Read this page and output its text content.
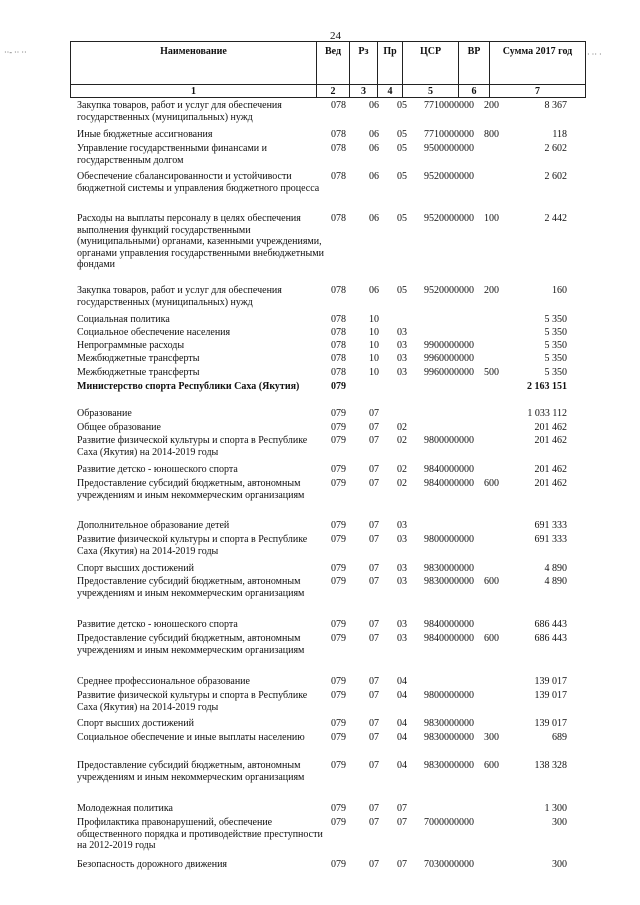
24
··- ·· ··	· ·· ·
Наименование	Вед	Рз	Пр	ЦСР	ВР	Сумма 2017 год
1	2	3	4	5	6	7
Закупка товаров, работ и услуг для обеспечения государственных (муниципальных) нужд
078 06 05 7710000000 200	8 367
Иные бюджетные ассигнования	078 06 05 7710000000 800	118
Управление государственными финансами и государственным долгом
078 06 05 9500000000	2 602
Обеспечение сбалансированности и устойчивости бюджетной системы и управления бюджетного процесса
078 06 05 9520000000	2 602
Расходы на выплаты персоналу в целях обеспечения выполнения функций государственными (муниципальными) органами, казенными учреждениями, органами управления государственными внебюджетными фондами
078 06 05 9520000000 100	2 442
Закупка товаров, работ и услуг для обеспечения государственных (муниципальных) нужд
078 06 05 9520000000 200	160
Социальная политика	078 10	5 350
Социальное обеспечение населения	078 10 03	5 350
Непрограммные расходы	078 10 03 9900000000	5 350
Межбюджетные трансферты	078 10 03 9960000000	5 350
Межбюджетные трансферты	078 10 03 9960000000 500	5 350
Министерство спорта Республики Саха (Якутия)	079	2 163 151
Образование	079 07	1 033 112
Общее образование	079 07 02	201 462
Развитие физической культуры и спорта в Республике Саха (Якутия) на 2014-2019 годы
079 07 02 9800000000	201 462
Развитие детско - юношеского спорта	079 07 02 9840000000	201 462
Предоставление субсидий бюджетным, автономным учреждениям и иным некоммерческим организациям
079 07 02 9840000000 600	201 462
Дополнительное образование детей	079 07 03	691 333
Развитие физической культуры и спорта в Республике Саха (Якутия) на 2014-2019 годы
079 07 03 9800000000	691 333
Спорт высших достижений	079 07 03 9830000000	4 890
Предоставление субсидий бюджетным, автономным учреждениям и иным некоммерческим организациям
079 07 03 9830000000 600	4 890
Развитие детско - юношеского спорта	079 07 03 9840000000	686 443
Предоставление субсидий бюджетным, автономным учреждениям и иным некоммерческим организациям
079 07 03 9840000000 600	686 443
Среднее профессиональное образование	079 07 04	139 017
Развитие физической культуры и спорта в Республике Саха (Якутия) на 2014-2019 годы
079 07 04 9800000000	139 017
Спорт высших достижений	079 07 04 9830000000	139 017
Социальное обеспечение и иные выплаты населению	079 07 04 9830000000 300	689
Предоставление субсидий бюджетным, автономным учреждениям и иным некоммерческим организациям
079 07 04 9830000000 600	138 328
Молодежная политика	079 07 07	1 300
Профилактика правонарушений, обеспечение общественного порядка и противодействие преступности на 2012-2019 годы
079 07 07 7000000000	300
Безопасность дорожного движения	079 07 07 7030000000	300
